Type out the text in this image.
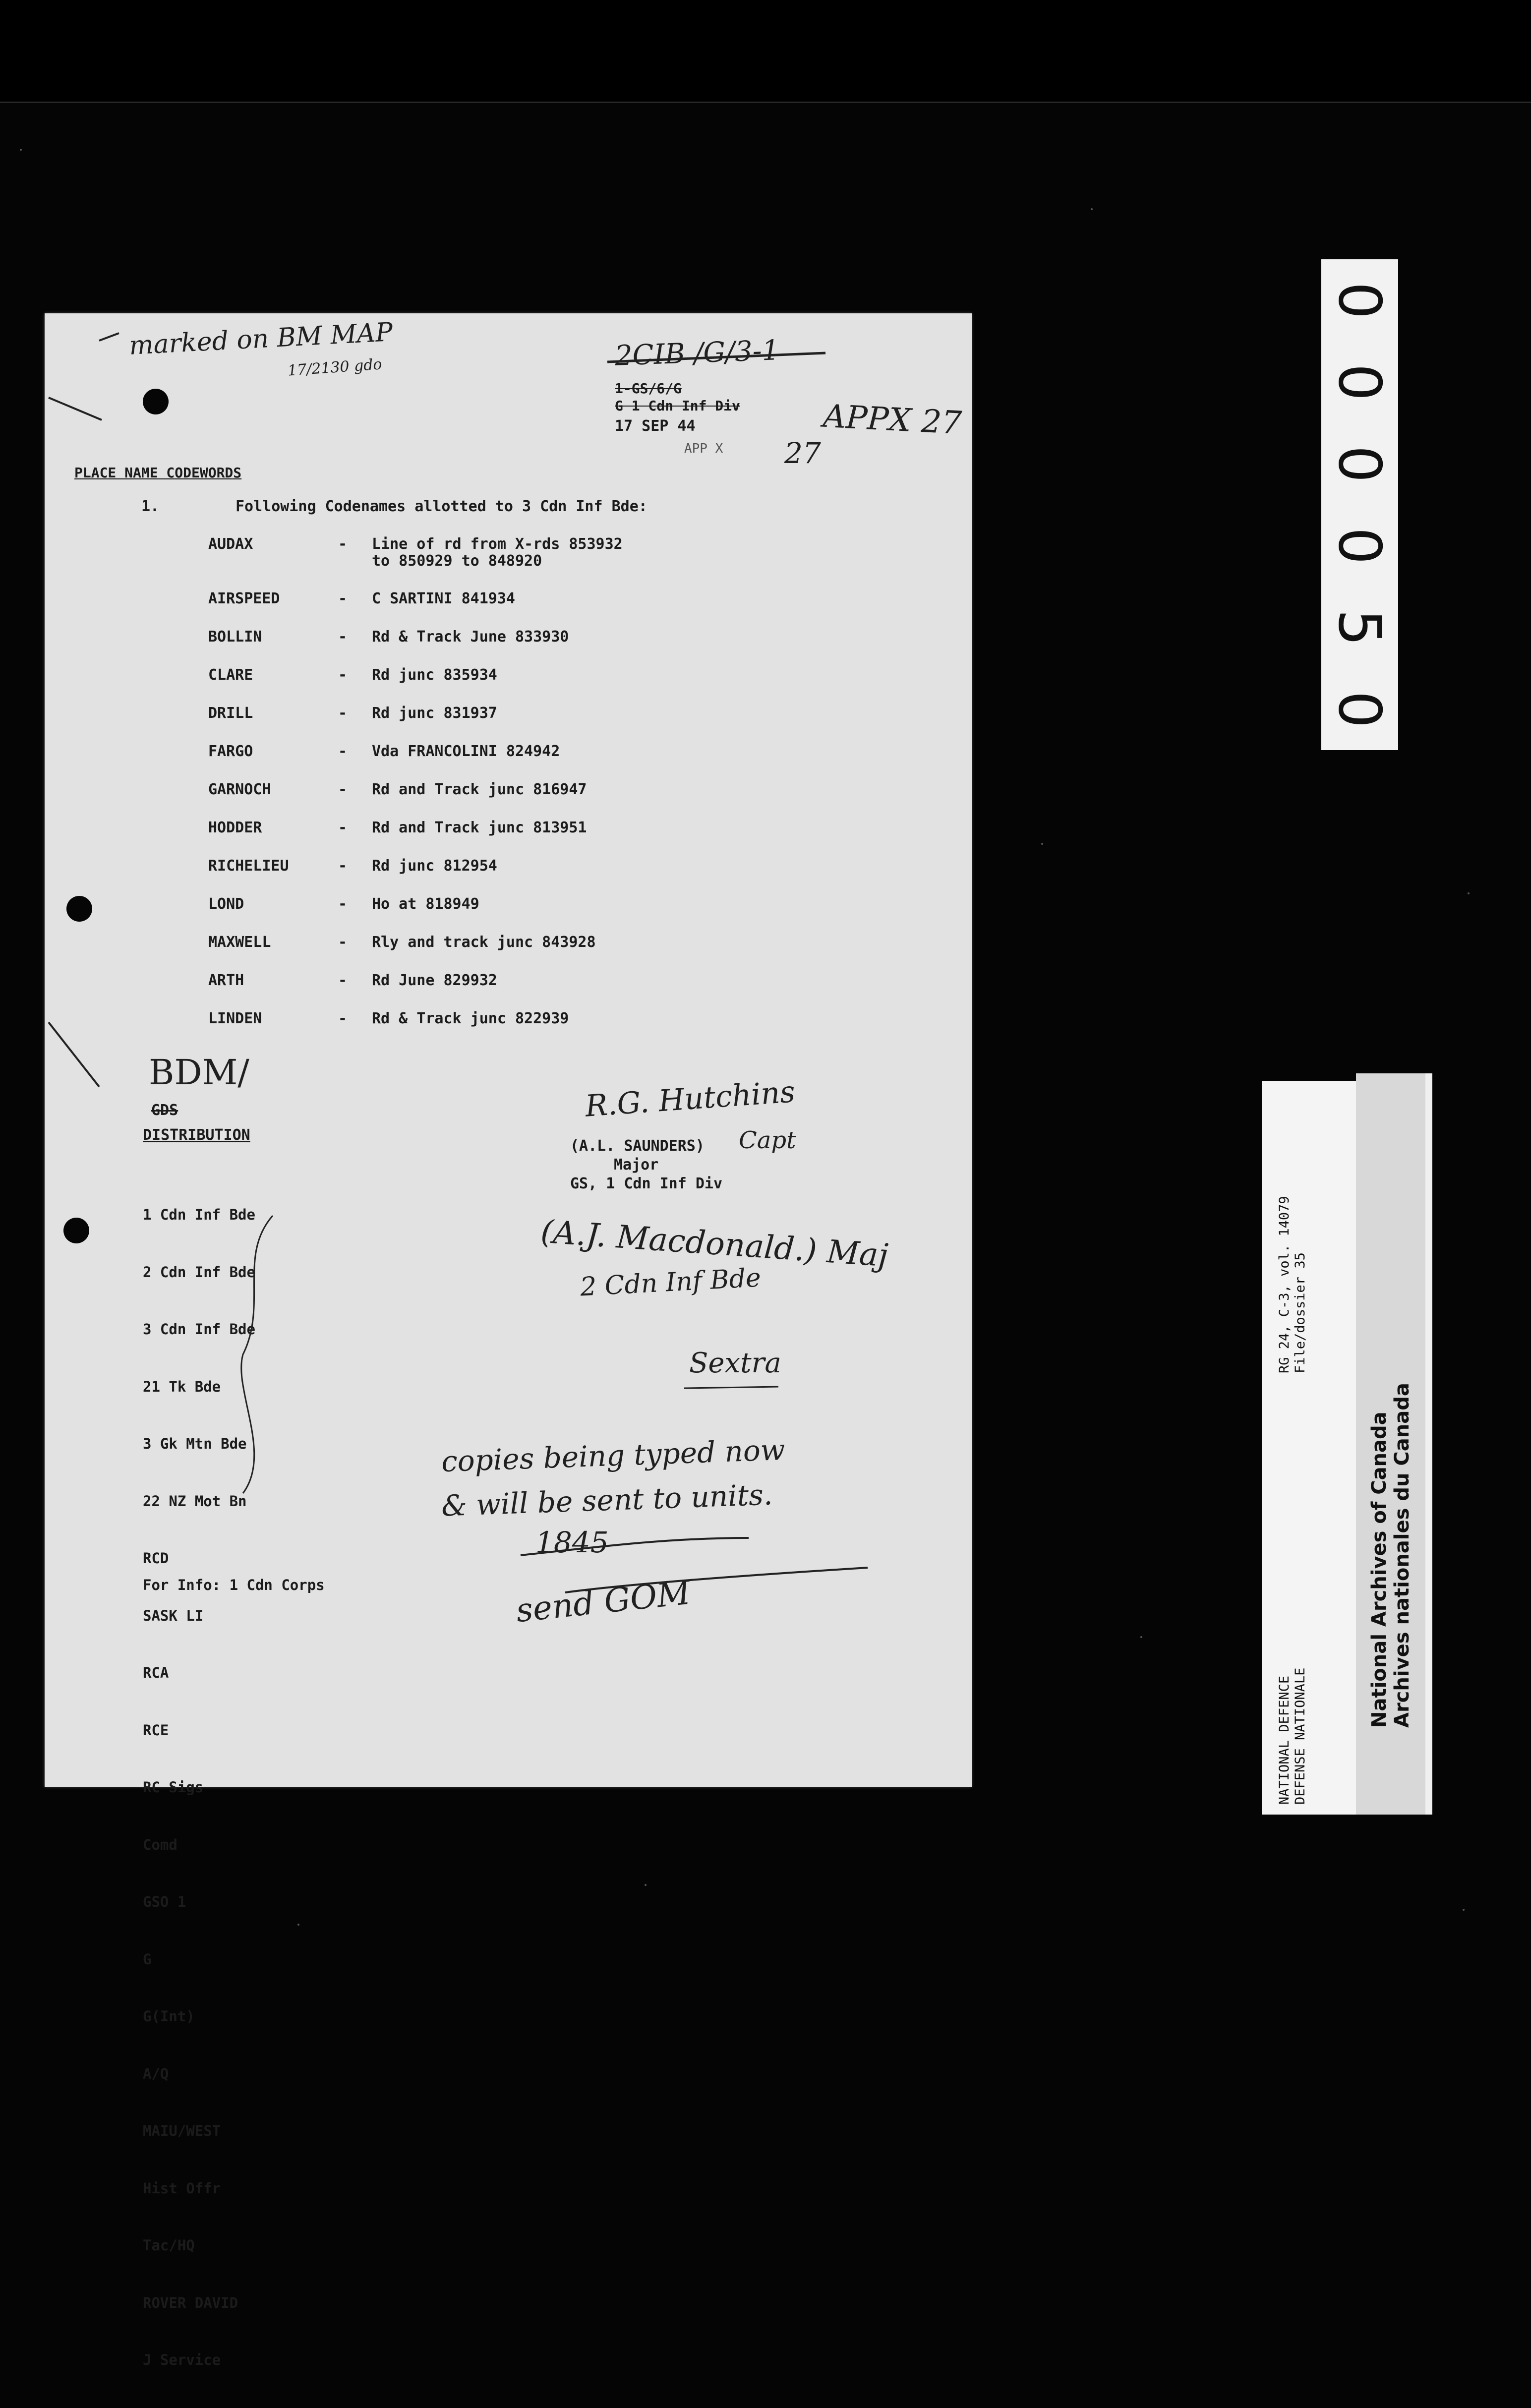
marked on BM MAP
17/2130 gdo	2CIB /G/3-1
APPX 27
27
1-GS/6/G
G 1 Cdn Inf Div
17 SEP 44
APP X
PLACE NAME CODEWORDS
1.	Following Codenames allotted to 3 Cdn Inf Bde:
AUDAX	- Line of rd from X-rds 853932
to 850929 to 848920
AIRSPEED	- C SARTINI 841934
BOLLIN	- Rd & Track June 833930
CLARE	- Rd junc 835934
DRILL	- Rd junc 831937
FARGO	- Vda FRANCOLINI 824942
GARNOCH	- Rd and Track junc 816947
HODDER	- Rd and Track junc 813951
RICHELIEU	- Rd junc 812954
LOND	- Ho at 818949
MAXWELL	- Rly and track junc 843928
ARTH	- Rd June 829932
LINDEN	- Rd & Track junc 822939
BDM/
GDS
DISTRIBUTION
R.G. Hutchins
(A.L. SAUNDERS) Capt
Major
GS, 1 Cdn Inf Div

1 Cdn Inf Bde

2 Cdn Inf Bde

3 Cdn Inf Bde

21 Tk Bde

3 Gk Mtn Bde

22 NZ Mot Bn

RCD

SASK LI

RCA

RCE

RC Sigs

Comd

GSO 1

G

G(Int)

A/Q

MAIU/WEST

Hist Offr

Tac/HQ

ROVER DAVID

J Service

For Info: 1 Cdn Corps
(A.J. Macdonald.) Maj
2 Cdn Inf Bde
Sextra
copies being typed now
& will be sent to units.
1845
send GOM
0
0
0
0
5
0
NATIONAL DEFENCE DEFENSE NATIONALE
RG 24, C-3, vol. 14079 File/dossier 35
National Archives of Canada Archives nationales du Canada
